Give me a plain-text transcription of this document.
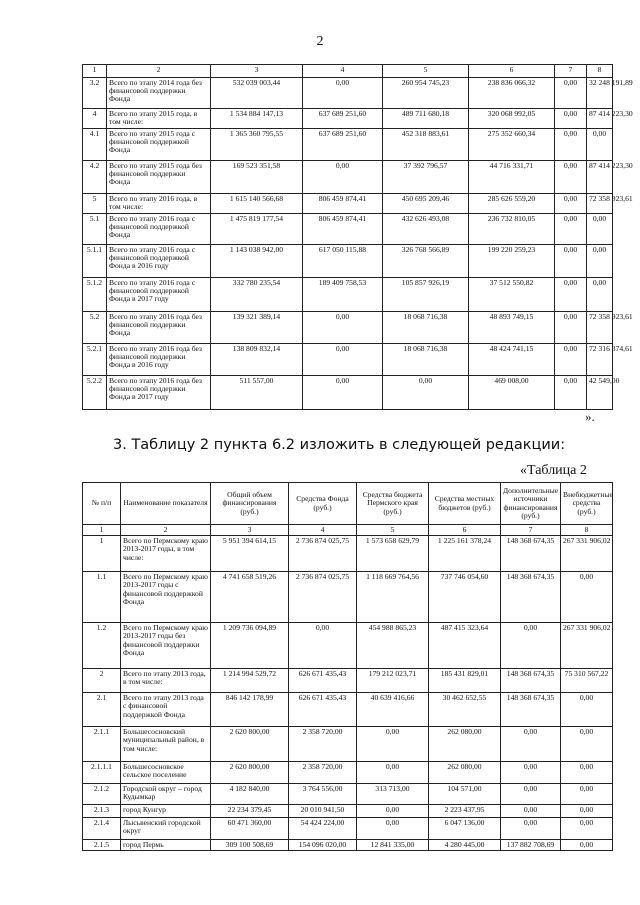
2
1	2	3	4	5	6	7	8
3.2	Всего по этапу 2014 года без финансовой поддержки Фонда	532 039 003,44	0,00	260 954 745,23	238 836 066,32	0,00	32 248 191,89
4	Всего по этапу 2015 года, в том числе:	1 534 884 147,13	637 689 251,60	489 711 680,18	320 068 992,05	0,00	87 414 223,30
4.1	Всего по этапу 2015 года с финансовой поддержкой Фонда	1 365 360 795,55	637 689 251,60	452 318 883,61	275 352 660,34	0,00	0,00
4.2	Всего по этапу 2015 года без финансовой поддержки Фонда	169 523 351,58	0,00	37 392 796,57	44 716 331,71	0,00	87 414 223,30
5	Всего по этапу 2016 года, в том числе:	1 615 140 566,68	806 459 874,41	450 695 209,46	285 626 559,20	0,00	72 358 923,61
5.1	Всего по этапу 2016 года с финансовой поддержкой Фонда	1 475 819 177,54	806 459 874,41	432 626 493,08	236 732 810,05	0,00	0,00
5.1.1	Всего по этапу 2016 года с финансовой поддержкой Фонда в 2016 году	1 143 038 942,00	617 050 115,88	326 768 566,89	199 220 259,23	0,00	0,00
5.1.2	Всего по этапу 2016 года с финансовой поддержкой Фонда в 2017 году	332 780 235,54	189 409 758,53	105 857 926,19	37 512 550,82	0,00	0,00
5.2	Всего по этапу 2016 года без финансовой поддержки Фонда	139 321 389,14	0,00	18 068 716,38	48 893 749,15	0,00	72 358 923,61
5.2.1	Всего по этапу 2016 года без финансовой поддержки Фонда в 2016 году	138 809 832,14	0,00	18 068 716,38	48 424 741,15	0,00	72 316 374,61
5.2.2	Всего по этапу 2016 года без финансовой поддержки Фонда в 2017 году	511 557,00	0,00	0,00	469 008,00	0,00	42 549,00
».
3. Таблицу 2 пункта 6.2 изложить в следующей редакции:
«Таблица 2
№ п/п	Наименование показателя	Общий объем финансирования (руб.)	Средства Фонда (руб.)	Средства бюджета Пермского края (руб.)	Средства местных бюджетов (руб.)	Дополнительные источники финансирования (руб.)	Внебюджетные средства (руб.)
1	2	3	4	5	6	7	8
1	Всего по Пермскому краю 2013-2017 годы, в том числе:	5 951 394 614,15	2 736 874 025,75	1 573 658 629,79	1 225 161 378,24	148 368 674,35	267 331 906,02
1.1	Всего по Пермскому краю 2013-2017 годы с финансовой поддержкой Фонда	4 741 658 519,26	2 736 874 025,75	1 118 669 764,56	737 746 054,60	148 368 674,35	0,00
1.2	Всего по Пермскому краю 2013-2017 годы без финансовой поддержки Фонда	1 209 736 094,89	0,00	454 988 865,23	487 415 323,64	0,00	267 331 906,02
2	Всего по этапу 2013 года, в том числе:	1 214 994 529,72	626 671 435,43	179 212 023,71	185 431 829,01	148 368 674,35	75 310 567,22
2.1	Всего по этапу 2013 года с финансовой поддержкой Фонда	846 142 178,99	626 671 435,43	40 639 416,66	30 462 652,55	148 368 674,35	0,00
2.1.1	Большесосновский муниципальный район, в том числе:	2 620 800,00	2 358 720,00	0,00	262 080,00	0,00	0,00
2.1.1.1	Большесосновское сельское поселение	2 620 800,00	2 358 720,00	0,00	262 080,00	0,00	0,00
2.1.2	Городской округ – город Кудымкар	4 182 840,00	3 764 556,00	313 713,00	104 571,00	0,00	0,00
2.1.3	город Кунгур	22 234 379,45	20 010 941,50	0,00	2 223 437,95	0,00	0,00
2.1.4	Лысьвенский городской округ	60 471 360,00	54 424 224,00	0,00	6 047 136,00	0,00	0,00
2.1.5	город Пермь	309 100 508,69	154 096 020,00	12 841 335,00	4 280 445,00	137 882 708,69	0,00
